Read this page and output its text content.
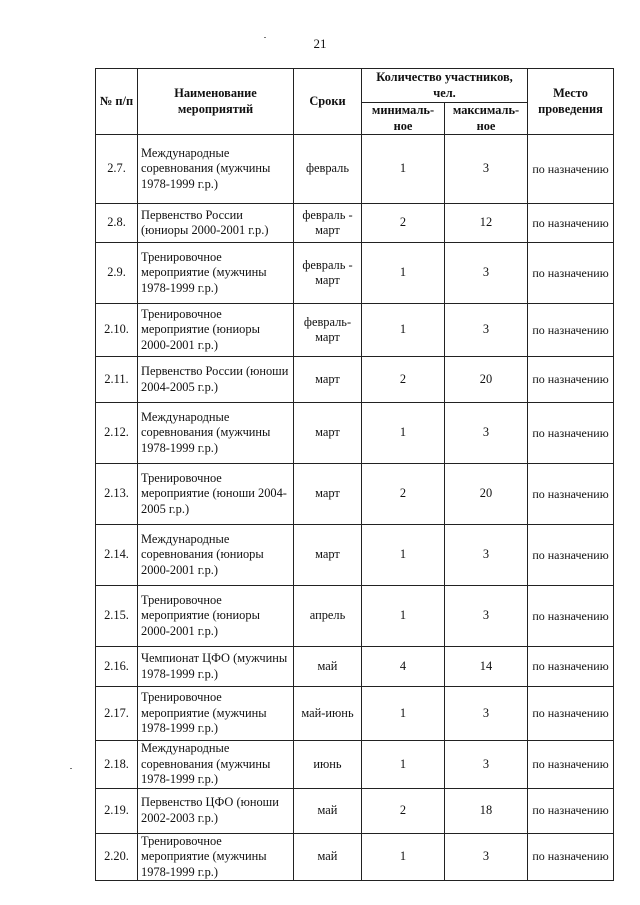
21
№ п/п	Наименование мероприятий	Сроки	Количество участников, чел.		Место проведения
			минималь-ное	максималь-ное	
2.7.	Международные соревнования (мужчины 1978-1999 г.р.)	февраль	1	3	по назначению
2.8.	Первенство России (юниоры 2000-2001 г.р.)	февраль - март	2	12	по назначению
2.9.	Тренировочное мероприятие (мужчины 1978-1999 г.р.)	февраль - март	1	3	по назначению
2.10.	Тренировочное мероприятие (юниоры 2000-2001 г.р.)	февраль-март	1	3	по назначению
2.11.	Первенство России (юноши 2004-2005 г.р.)	март	2	20	по назначению
2.12.	Международные соревнования (мужчины 1978-1999 г.р.)	март	1	3	по назначению
2.13.	Тренировочное мероприятие (юноши 2004-2005 г.р.)	март	2	20	по назначению
2.14.	Международные соревнования (юниоры 2000-2001 г.р.)	март	1	3	по назначению
2.15.	Тренировочное мероприятие (юниоры 2000-2001 г.р.)	апрель	1	3	по назначению
2.16.	Чемпионат ЦФО (мужчины 1978-1999 г.р.)	май	4	14	по назначению
2.17.	Тренировочное мероприятие (мужчины 1978-1999 г.р.)	май-июнь	1	3	по назначению
2.18.	Международные соревнования (мужчины 1978-1999 г.р.)	июнь	1	3	по назначению
2.19.	Первенство ЦФО (юноши 2002-2003 г.р.)	май	2	18	по назначению
2.20.	Тренировочное мероприятие (мужчины 1978-1999 г.р.)	май	1	3	по назначению
